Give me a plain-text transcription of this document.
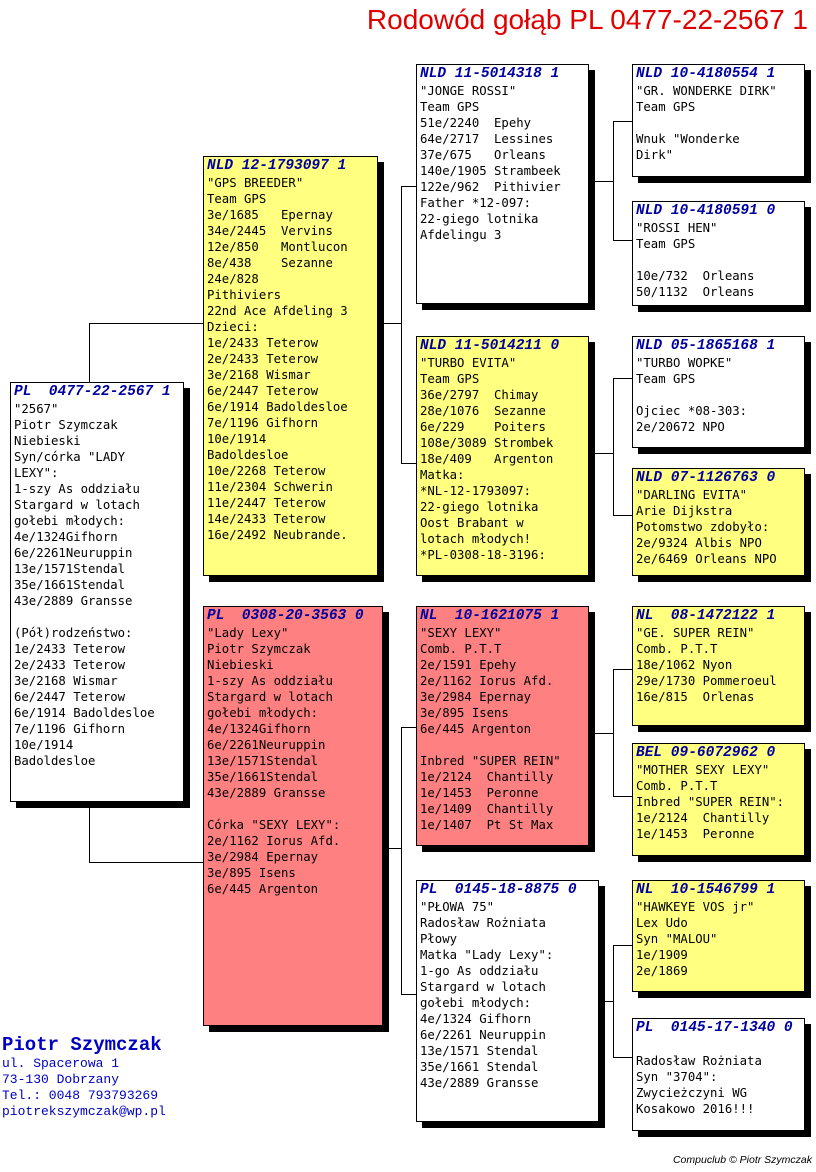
Rodowód gołąb PL 0477-22-2567 1
PL  0477-22-2567 1
"2567"
Piotr Szymczak
Niebieski
Syn/córka "LADY
LEXY":
1-szy As oddziału
Stargard w lotach
gołebi młodych:
4e/1324Gifhorn
6e/2261Neuruppin
13e/1571Stendal
35e/1661Stendal
43e/2889 Gransse

(Pół)rodzeństwo:
1e/2433 Teterow
2e/2433 Teterow
3e/2168 Wismar
6e/2447 Teterow
6e/1914 Badoldesloe
7e/1196 Gifhorn
10e/1914
Badoldesloe
NLD 12-1793097 1
"GPS BREEDER"
Team GPS
3e/1685   Epernay
34e/2445  Vervins
12e/850   Montlucon
8e/438    Sezanne
24e/828
Pithiviers
22nd Ace Afdeling 3
Dzieci:
1e/2433 Teterow
2e/2433 Teterow
3e/2168 Wismar
6e/2447 Teterow
6e/1914 Badoldesloe
7e/1196 Gifhorn
10e/1914
Badoldesloe
10e/2268 Teterow
11e/2304 Schwerin
11e/2447 Teterow
14e/2433 Teterow
16e/2492 Neubrande.
PL  0308-20-3563 0
"Lady Lexy"
Piotr Szymczak
Niebieski
1-szy As oddziału
Stargard w lotach
gołebi młodych:
4e/1324Gifhorn
6e/2261Neuruppin
13e/1571Stendal
35e/1661Stendal
43e/2889 Gransse

Córka "SEXY LEXY":
2e/1162 Iorus Afd.
3e/2984 Epernay
3e/895 Isens
6e/445 Argenton
NLD 11-5014318 1
"JONGE ROSSI"
Team GPS
51e/2240  Epehy
64e/2717  Lessines
37e/675   Orleans
140e/1905 Strambeek
122e/962  Pithivier
Father *12-097:
22-giego lotnika
Afdelingu 3
NLD 11-5014211 0
"TURBO EVITA"
Team GPS
36e/2797  Chimay
28e/1076  Sezanne
6e/229    Poiters
108e/3089 Strombek
18e/409   Argenton
Matka:
*NL-12-1793097:
22-giego lotnika
Oost Brabant w
lotach młodych!
*PL-0308-18-3196:
NL  10-1621075 1
"SEXY LEXY"
Comb. P.T.T
2e/1591 Epehy
2e/1162 Iorus Afd.
3e/2984 Epernay
3e/895 Isens
6e/445 Argenton

Inbred "SUPER REIN"
1e/2124  Chantilly
1e/1453  Peronne
1e/1409  Chantilly
1e/1407  Pt St Max
PL  0145-18-8875 0
"PŁOWA 75"
Radosław Rożniata
Płowy
Matka "Lady Lexy":
1-go As oddziału
Stargard w lotach
gołebi młodych:
4e/1324 Gifhorn
6e/2261 Neuruppin
13e/1571 Stendal
35e/1661 Stendal
43e/2889 Gransse
NLD 10-4180554 1
"GR. WONDERKE DIRK"
Team GPS

Wnuk "Wonderke
Dirk"
NLD 10-4180591 0
"ROSSI HEN"
Team GPS

10e/732  Orleans
50/1132  Orleans
NLD 05-1865168 1
"TURBO WOPKE"
Team GPS

Ojciec *08-303:
2e/20672 NPO
NLD 07-1126763 0
"DARLING EVITA"
Arie Dijkstra
Potomstwo zdobyło:
2e/9324 Albis NPO
2e/6469 Orleans NPO
NL  08-1472122 1
"GE. SUPER REIN"
Comb. P.T.T
18e/1062 Nyon
29e/1730 Pommeroeul
16e/815  Orlenas
BEL 09-6072962 0
"MOTHER SEXY LEXY"
Comb. P.T.T
Inbred "SUPER REIN":
1e/2124  Chantilly
1e/1453  Peronne
NL  10-1546799 1
"HAWKEYE VOS jr"
Lex Udo
Syn "MALOU"
1e/1909
2e/1869
PL  0145-17-1340 0

Radosław Rożniata
Syn "3704":
Zwycieżczyni WG
Kosakowo 2016!!!
Piotr Szymczak
ul. Spacerowa 1
73-130 Dobrzany
Tel.: 0048 793793269
piotrekszymczak@wp.pl
Compuclub © Piotr Szymczak
